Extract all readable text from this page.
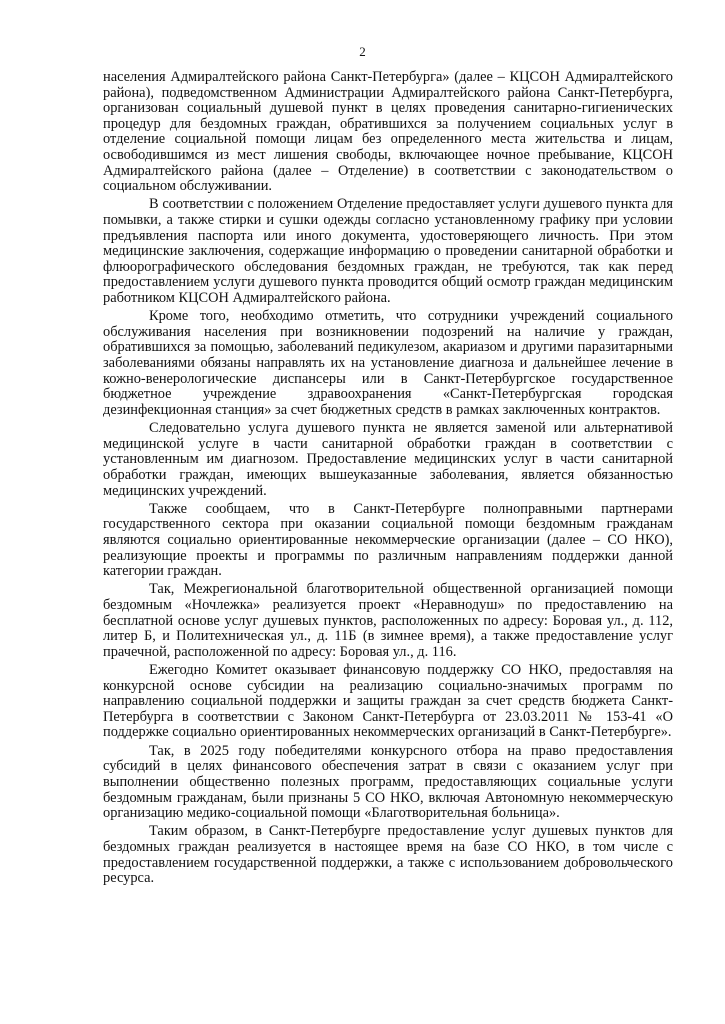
2

населения Адмиралтейского района Санкт-Петербурга» (далее – КЦСОН Адмиралтейского района), подведомственном Администрации Адмиралтейского района Санкт-Петербурга, организован социальный душевой пункт в целях проведения санитарно-гигиенических процедур для бездомных граждан, обратившихся за получением социальных услуг в отделение социальной помощи лицам без определенного места жительства и лицам, освободившимся из мест лишения свободы, включающее ночное пребывание, КЦСОН Адмиралтейского района (далее – Отделение) в соответствии с законодательством о социальном обслуживании.

В соответствии с положением Отделение предоставляет услуги душевого пункта для помывки, а также стирки и сушки одежды согласно установленному графику при условии предъявления паспорта или иного документа, удостоверяющего личность. При этом медицинские заключения, содержащие информацию о проведении санитарной обработки и флюорографического обследования бездомных граждан, не требуются, так как перед предоставлением услуги душевого пункта проводится общий осмотр граждан медицинским работником КЦСОН Адмиралтейского района.

Кроме того, необходимо отметить, что сотрудники учреждений социального обслуживания населения при возникновении подозрений на наличие у граждан, обратившихся за помощью, заболеваний педикулезом, акариазом и другими паразитарными заболеваниями обязаны направлять их на установление диагноза и дальнейшее лечение в кожно-венерологические диспансеры или в Санкт-Петербургское государственное бюджетное учреждение здравоохранения «Санкт-Петербургская городская дезинфекционная станция» за счет бюджетных средств в рамках заключенных контрактов.

Следовательно услуга душевого пункта не является заменой или альтернативой медицинской услуге в части санитарной обработки граждан в соответствии с установленным им диагнозом. Предоставление медицинских услуг в части санитарной обработки граждан, имеющих вышеуказанные заболевания, является обязанностью медицинских учреждений.

Также сообщаем, что в Санкт-Петербурге полноправными партнерами государственного сектора при оказании социальной помощи бездомным гражданам являются социально ориентированные некоммерческие организации (далее – СО НКО), реализующие проекты и программы по различным направлениям поддержки данной категории граждан.

Так, Межрегиональной благотворительной общественной организацией помощи бездомным «Ночлежка» реализуется проект «Неравнодуш» по предоставлению на бесплатной основе услуг душевых пунктов, расположенных по адресу: Боровая ул., д. 112, литер Б, и Политехническая ул., д. 11Б (в зимнее время), а также предоставление услуг прачечной, расположенной по адресу: Боровая ул., д. 116.

Ежегодно Комитет оказывает финансовую поддержку СО НКО, предоставляя на конкурсной основе субсидии на реализацию социально-значимых программ по направлению социальной поддержки и защиты граждан за счет средств бюджета Санкт-Петербурга в соответствии с Законом Санкт-Петербурга от 23.03.2011 № 153-41 «О поддержке социально ориентированных некоммерческих организаций в Санкт-Петербурге».

Так, в 2025 году победителями конкурсного отбора на право предоставления субсидий в целях финансового обеспечения затрат в связи с оказанием услуг при выполнении общественно полезных программ, предоставляющих социальные услуги бездомным гражданам, были признаны 5 СО НКО, включая Автономную некоммерческую организацию медико-социальной помощи «Благотворительная больница».

Таким образом, в Санкт-Петербурге предоставление услуг душевых пунктов для бездомных граждан реализуется в настоящее время на базе СО НКО, в том числе с предоставлением государственной поддержки, а также с использованием добровольческого ресурса.
